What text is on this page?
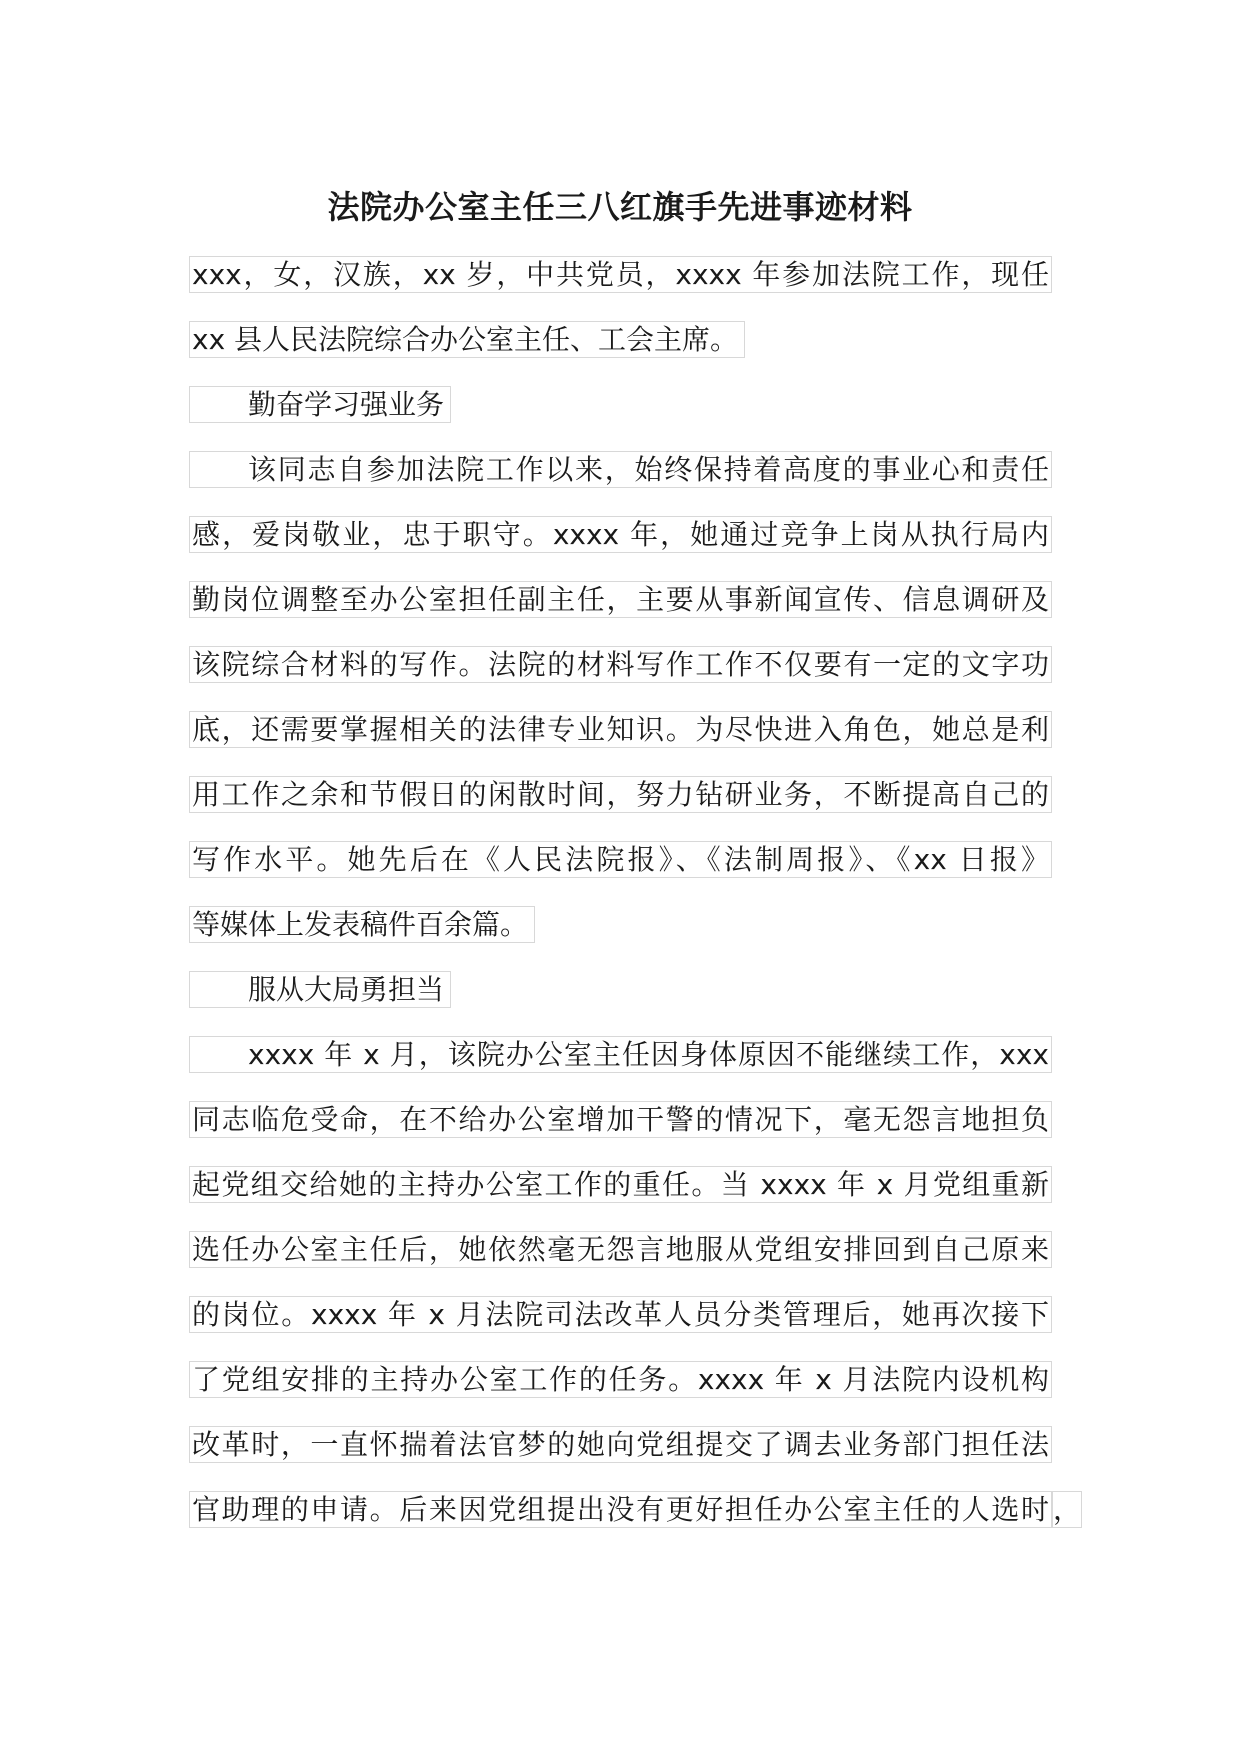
法院办公室主任三八红旗手先进事迹材料
xxx，女，汉族，xx 岁，中共党员，xxxx 年参加法院工作，现任
xx 县人民法院综合办公室主任、工会主席。
勤奋学习强业务
该同志自参加法院工作以来，始终保持着高度的事业心和责任
感，爱岗敬业，忠于职守。xxxx 年，她通过竞争上岗从执行局内
勤岗位调整至办公室担任副主任，主要从事新闻宣传、信息调研及
该院综合材料的写作。法院的材料写作工作不仅要有一定的文字功
底，还需要掌握相关的法律专业知识。为尽快进入角色，她总是利
用工作之余和节假日的闲散时间，努力钻研业务，不断提高自己的
写作水平。她先后在《人民法院报》、《法制周报》、《xx 日报》
等媒体上发表稿件百余篇。
服从大局勇担当
xxxx 年 x 月，该院办公室主任因身体原因不能继续工作，xxx
同志临危受命，在不给办公室增加干警的情况下，毫无怨言地担负
起党组交给她的主持办公室工作的重任。当 xxxx 年 x 月党组重新
选任办公室主任后，她依然毫无怨言地服从党组安排回到自己原来
的岗位。xxxx 年 x 月法院司法改革人员分类管理后，她再次接下
了党组安排的主持办公室工作的任务。xxxx 年 x 月法院内设机构
改革时，一直怀揣着法官梦的她向党组提交了调去业务部门担任法
官助理的申请。后来因党组提出没有更好担任办公室主任的人选时 ，
